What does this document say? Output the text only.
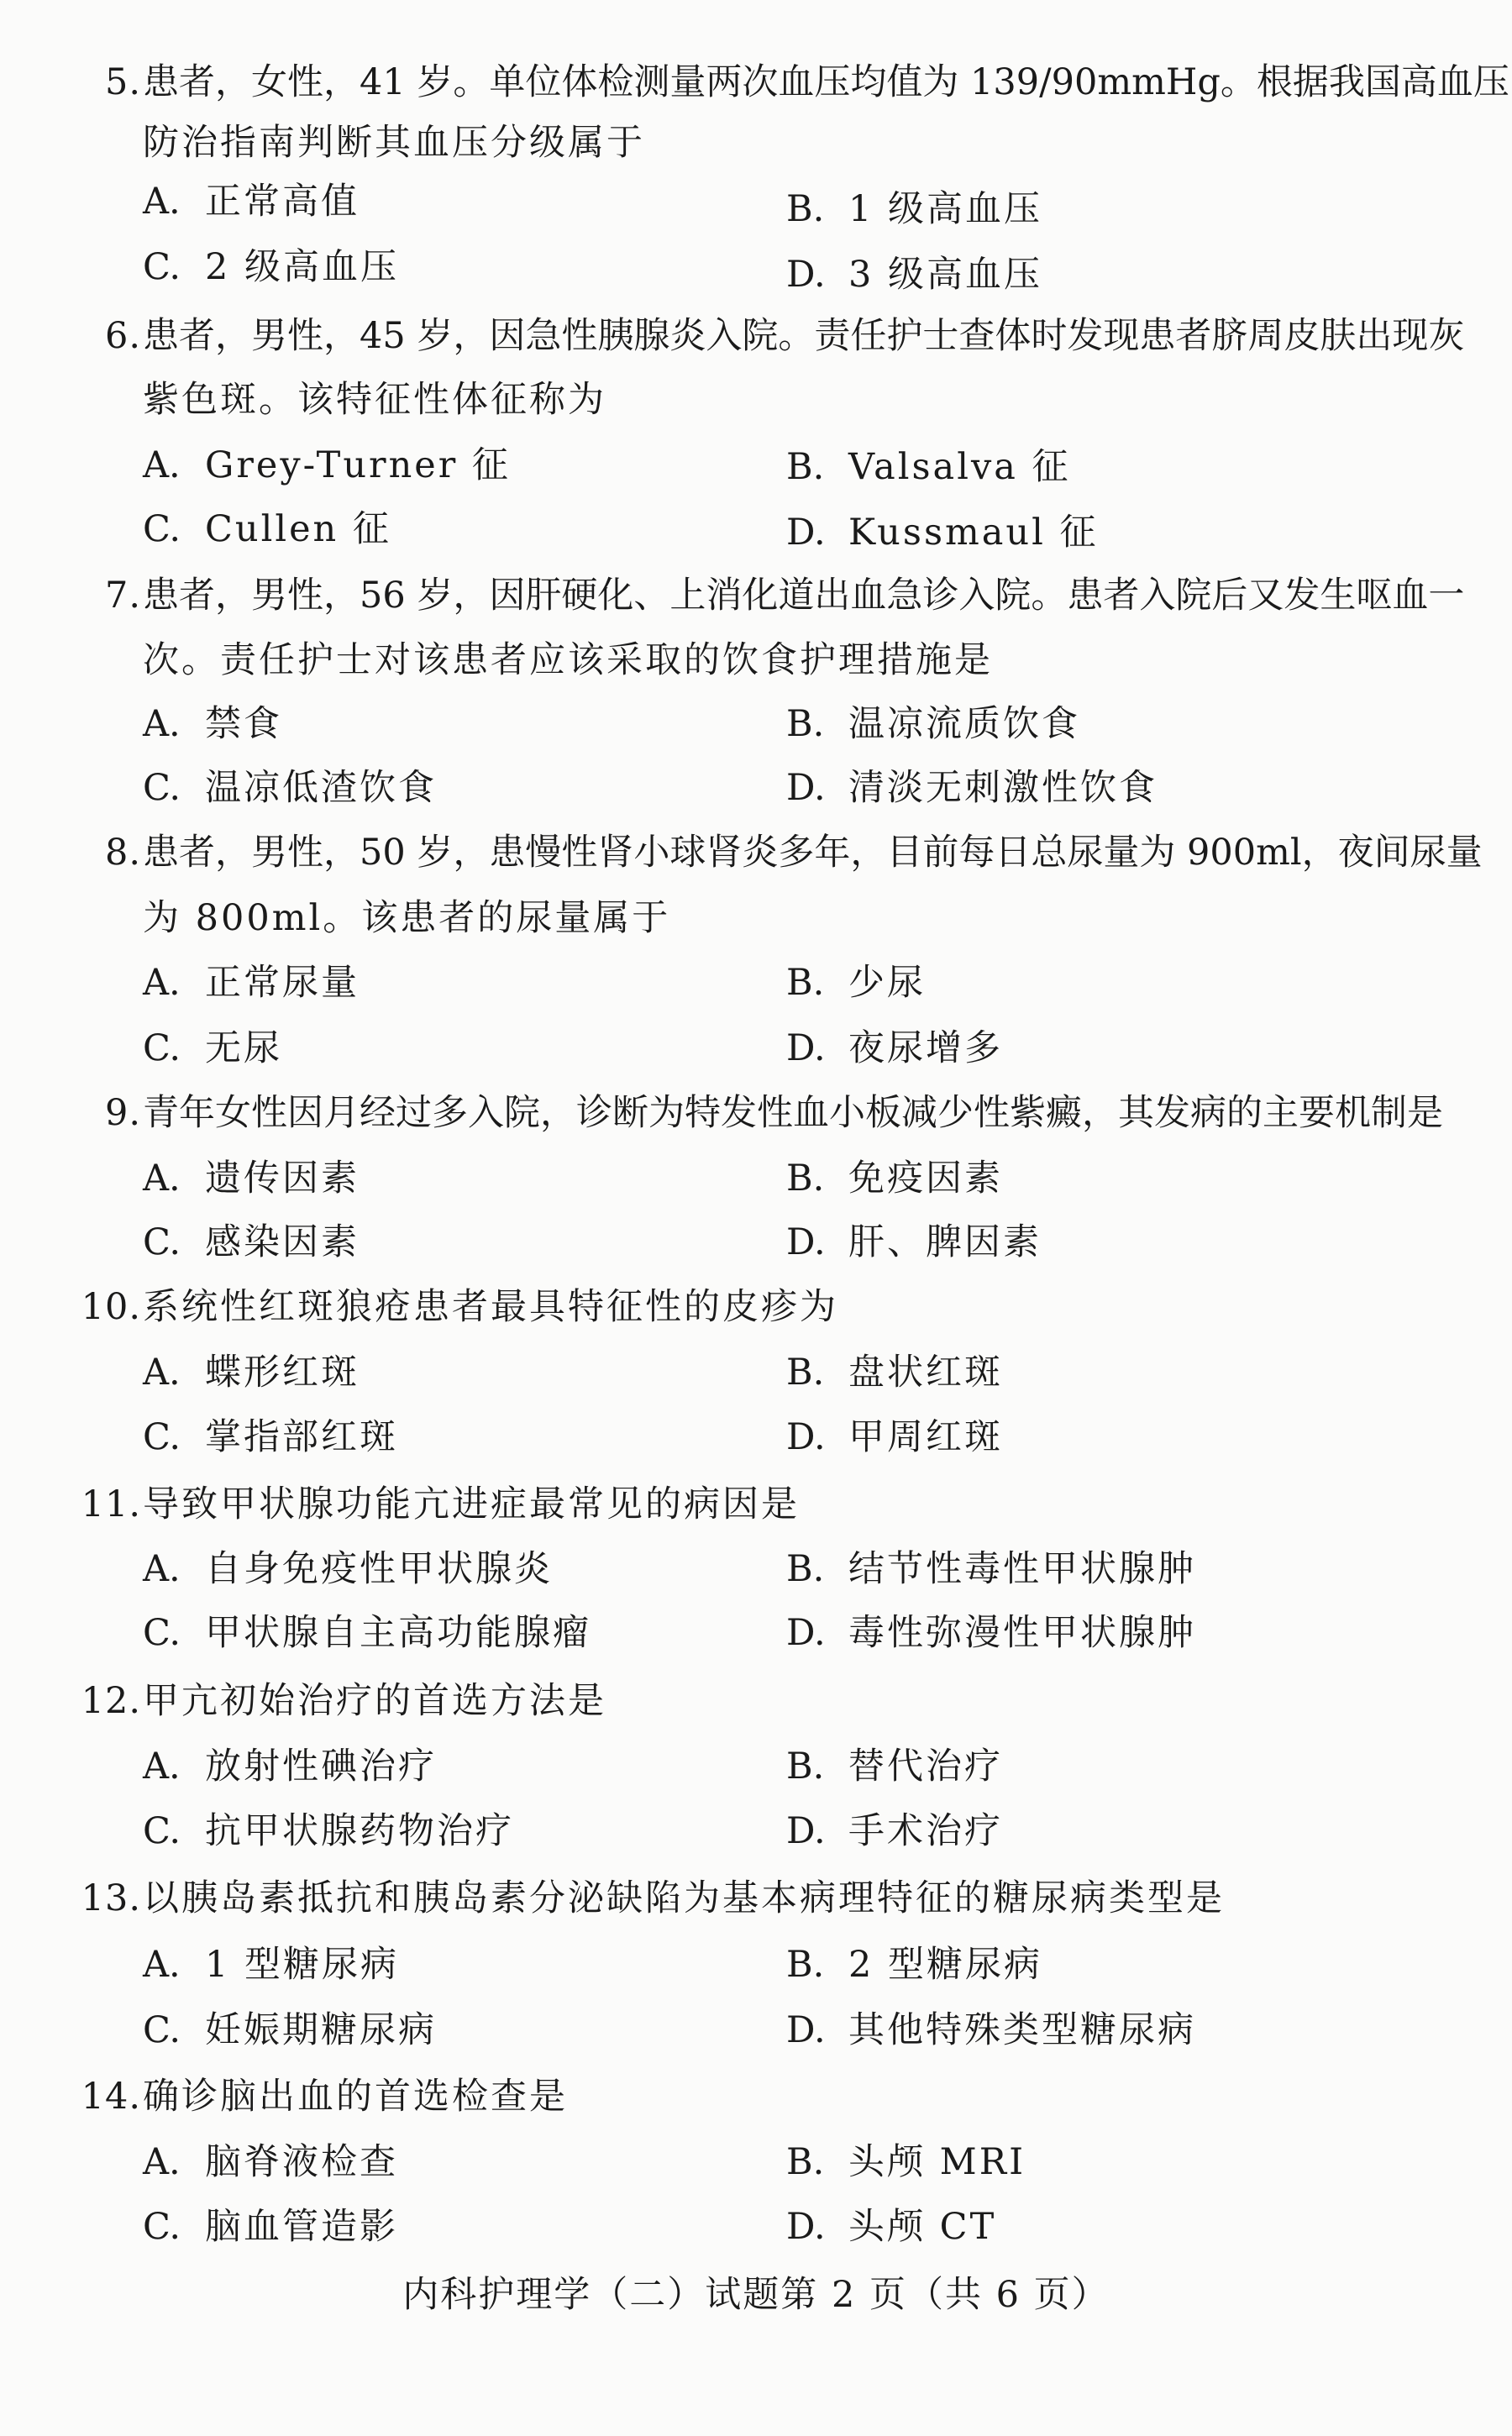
5. 患者，女性，41 岁。单位体检测量两次血压均值为 139/90mmHg。根据我国高血压
防治指南判断其血压分级属于
A. 正常高值	B. 1 级高血压
C. 2 级高血压	D. 3 级高血压
6. 患者，男性，45 岁，因急性胰腺炎入院。责任护士查体时发现患者脐周皮肤出现灰
紫色斑。该特征性体征称为
A. Grey-Turner 征	B. Valsalva 征
C. Cullen 征	D. Kussmaul 征
7. 患者，男性，56 岁，因肝硬化、上消化道出血急诊入院。患者入院后又发生呕血一
次。责任护士对该患者应该采取的饮食护理措施是
A. 禁食	B. 温凉流质饮食
C. 温凉低渣饮食	D. 清淡无刺激性饮食
8. 患者，男性，50 岁，患慢性肾小球肾炎多年，目前每日总尿量为 900ml，夜间尿量
为 800ml。该患者的尿量属于
A. 正常尿量	B. 少尿
C. 无尿	D. 夜尿增多
9. 青年女性因月经过多入院，诊断为特发性血小板减少性紫癜，其发病的主要机制是
A. 遗传因素	B. 免疫因素
C. 感染因素	D. 肝、脾因素
10. 系统性红斑狼疮患者最具特征性的皮疹为
A. 蝶形红斑	B. 盘状红斑
C. 掌指部红斑	D. 甲周红斑
11. 导致甲状腺功能亢进症最常见的病因是
A. 自身免疫性甲状腺炎	B. 结节性毒性甲状腺肿
C. 甲状腺自主高功能腺瘤	D. 毒性弥漫性甲状腺肿
12. 甲亢初始治疗的首选方法是
A. 放射性碘治疗	B. 替代治疗
C. 抗甲状腺药物治疗	D. 手术治疗
13. 以胰岛素抵抗和胰岛素分泌缺陷为基本病理特征的糖尿病类型是
A. 1 型糖尿病	B. 2 型糖尿病
C. 妊娠期糖尿病	D. 其他特殊类型糖尿病
14. 确诊脑出血的首选检查是
A. 脑脊液检查	B. 头颅 MRI
C. 脑血管造影	D. 头颅 CT
内科护理学（二）试题第 2 页（共 6 页）
